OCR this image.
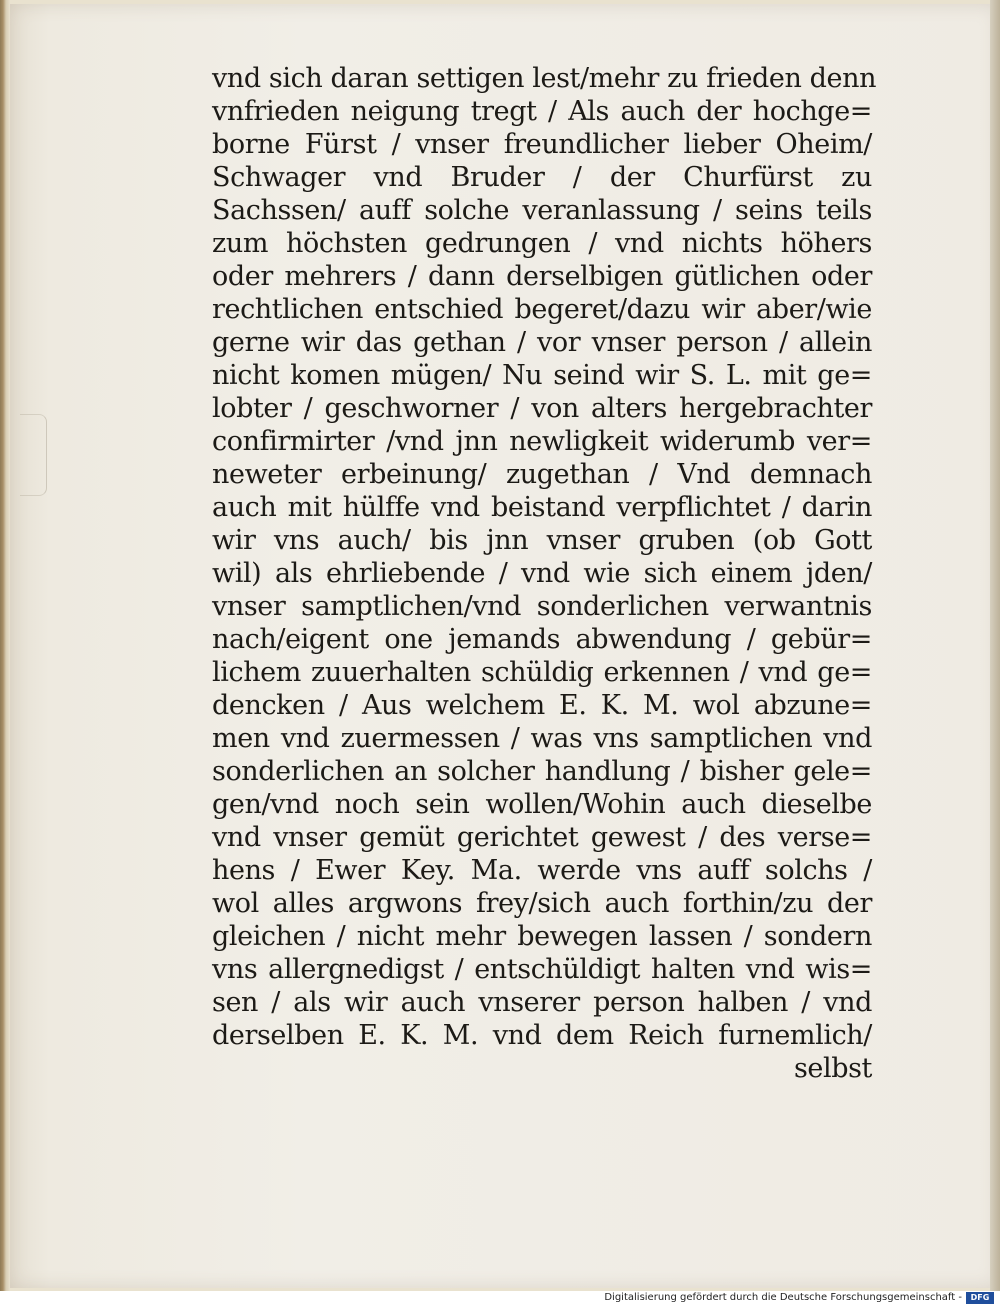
vnd sich daran settigen lest/mehr zu frieden denn
vnfrieden neigung tregt / Als auch der hochge=
borne Fürst / vnser freundlicher lieber Oheim/
Schwager vnd Bruder / der Churfürst zu
Sachssen/ auff solche veranlassung / seins teils
zum höchsten gedrungen / vnd nichts höhers
oder mehrers / dann derselbigen gütlichen oder
rechtlichen entschied begeret/dazu wir aber/wie
gerne wir das gethan / vor vnser person / allein
nicht komen mügen/ Nu seind wir S. L. mit ge=
lobter / geschworner / von alters hergebrachter
confirmirter /vnd jnn newligkeit widerumb ver=
neweter erbeinung/ zugethan / Vnd demnach
auch mit hülffe vnd beistand verpflichtet / darin
wir vns auch/ bis jnn vnser gruben (ob Gott
wil) als ehrliebende / vnd wie sich einem jden/
vnser samptlichen/vnd sonderlichen verwantnis
nach/eigent one jemands abwendung / gebür=
lichem zuuerhalten schüldig erkennen / vnd ge=
dencken / Aus welchem E. K. M. wol abzune=
men vnd zuermessen / was vns samptlichen vnd
sonderlichen an solcher handlung / bisher gele=
gen/vnd noch sein wollen/Wohin auch dieselbe
vnd vnser gemüt gerichtet gewest / des verse=
hens / Ewer Key. Ma. werde vns auff solchs /
wol alles argwons frey/sich auch forthin/zu der
gleichen / nicht mehr bewegen lassen / sondern
vns allergnedigst / entschüldigt halten vnd wis=
sen / als wir auch vnserer person halben / vnd
derselben E. K. M. vnd dem Reich furnemlich/
selbst
Digitalisierung gefördert durch die Deutsche Forschungsgemeinschaft -	DFG
